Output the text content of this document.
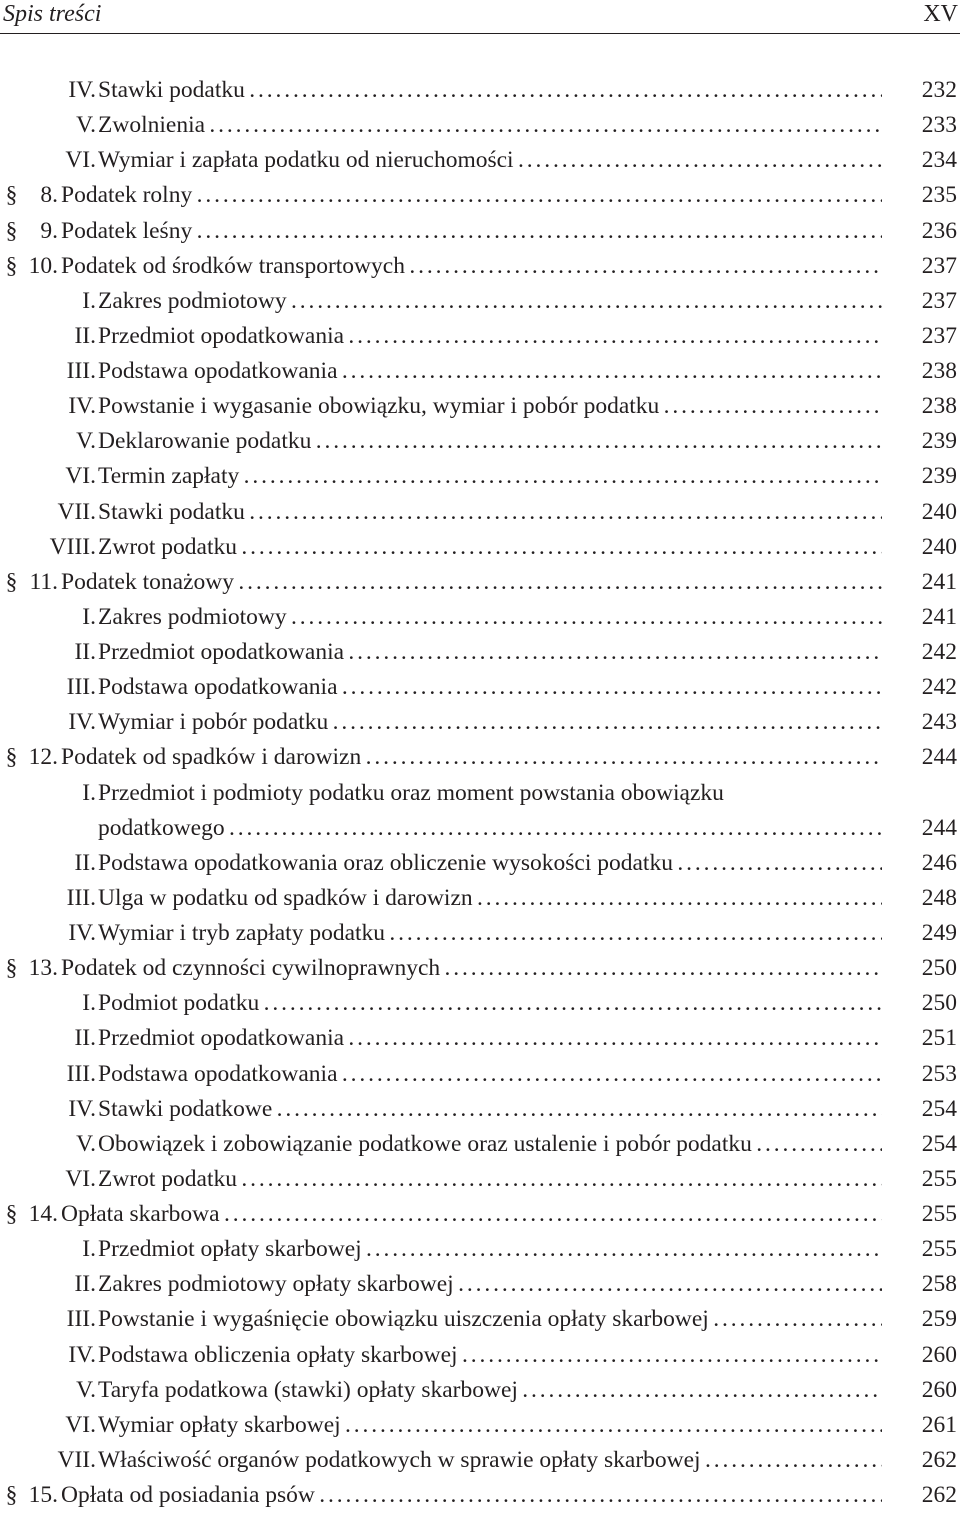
Spis treści	XV
IV. Stawki podatku . . .	232
V. Zwolnienia . . .	233
VI. Wymiar i zapłata podatku od nieruchomości . . .	234
§ 8. Podatek rolny . . .	235
§ 9. Podatek leśny . . .	236
§ 10. Podatek od środków transportowych . . .	237
I. Zakres podmiotowy . . .	237
II. Przedmiot opodatkowania . . .	237
III. Podstawa opodatkowania . . .	238
IV. Powstanie i wygasanie obowiązku, wymiar i pobór podatku . . .	238
V. Deklarowanie podatku . . .	239
VI. Termin zapłaty . . .	239
VII. Stawki podatku . . .	240
VIII. Zwrot podatku . . .	240
§ 11. Podatek tonażowy . . .	241
I. Zakres podmiotowy . . .	241
II. Przedmiot opodatkowania . . .	242
III. Podstawa opodatkowania . . .	242
IV. Wymiar i pobór podatku . . .	243
§ 12. Podatek od spadków i darowizn . . .	244
I. Przedmiot i podmioty podatku oraz moment powstania obowiązku
podatkowego . . .	244
II. Podstawa opodatkowania oraz obliczenie wysokości podatku . . .	246
III. Ulga w podatku od spadków i darowizn . . .	248
IV. Wymiar i tryb zapłaty podatku . . .	249
§ 13. Podatek od czynności cywilnoprawnych . . .	250
I. Podmiot podatku . . .	250
II. Przedmiot opodatkowania . . .	251
III. Podstawa opodatkowania . . .	253
IV. Stawki podatkowe . . .	254
V. Obowiązek i zobowiązanie podatkowe oraz ustalenie i pobór podatku . . .	254
VI. Zwrot podatku . . .	255
§ 14. Opłata skarbowa . . .	255
I. Przedmiot opłaty skarbowej . . .	255
II. Zakres podmiotowy opłaty skarbowej . . .	258
III. Powstanie i wygaśnięcie obowiązku uiszczenia opłaty skarbowej . . .	259
IV. Podstawa obliczenia opłaty skarbowej . . .	260
V. Taryfa podatkowa (stawki) opłaty skarbowej . . .	260
VI. Wymiar opłaty skarbowej . . .	261
VII. Właściwość organów podatkowych w sprawie opłaty skarbowej . . .	262
§ 15. Opłata od posiadania psów . . .	262
